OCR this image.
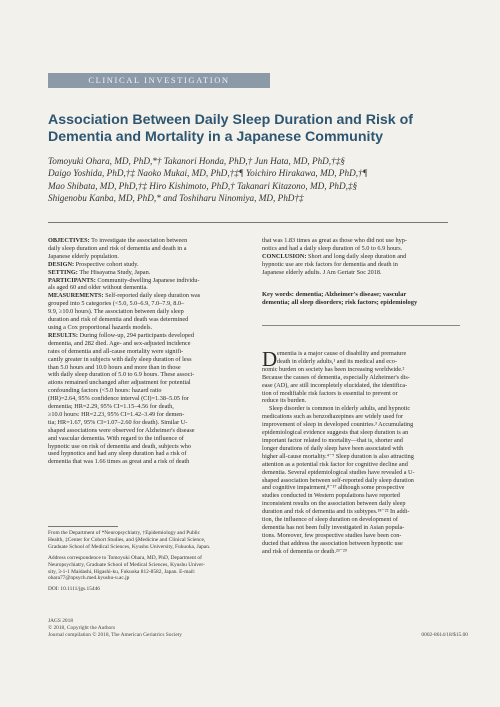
CLINICAL INVESTIGATION
Association Between Daily Sleep Duration and Risk of
Dementia and Mortality in a Japanese Community
Tomoyuki Ohara, MD, PhD,*† Takanori Honda, PhD,† Jun Hata, MD, PhD,†‡§
Daigo Yoshida, PhD,†‡ Naoko Mukai, MD, PhD,†‡¶ Yoichiro Hirakawa, MD, PhD,†¶
Mao Shibata, MD, PhD,†‡ Hiro Kishimoto, PhD,† Takanari Kitazono, MD, PhD,‡§
Shigenobu Kanba, MD, PhD,* and Toshiharu Ninomiya, MD, PhD†‡
OBJECTIVES: To investigate the association between
daily sleep duration and risk of dementia and death in a
Japanese elderly population.
DESIGN: Prospective cohort study.
SETTING: The Hisayama Study, Japan.
PARTICIPANTS: Community-dwelling Japanese individu-
als aged 60 and older without dementia.
MEASUREMENTS: Self-reported daily sleep duration was
grouped into 5 categories (<5.0, 5.0–6.9, 7.0–7.9, 8.0–
9.9, ≥10.0 hours). The association between daily sleep
duration and risk of dementia and death was determined
using a Cox proportional hazards models.
RESULTS: During follow-up, 294 participants developed
dementia, and 282 died. Age- and sex-adjusted incidence
rates of dementia and all-cause mortality were signifi-
cantly greater in subjects with daily sleep duration of less
than 5.0 hours and 10.0 hours and more than in those
with daily sleep duration of 5.0 to 6.9 hours. These associ-
ations remained unchanged after adjustment for potential
confounding factors (<5.0 hours: hazard ratio
(HR)=2.64, 95% confidence interval (CI)=1.38–5.05 for
dementia; HR=2.29, 95% CI=1.15–4.56 for death,
≥10.0 hours: HR=2.23, 95% CI=1.42–3.49 for demen-
tia; HR=1.67, 95% CI=1.07–2.60 for death). Similar U-
shaped associations were observed for Alzheimer's disease
and vascular dementia. With regard to the influence of
hypnotic use on risk of dementia and death, subjects who
used hypnotics and had any sleep duration had a risk of
dementia that was 1.66 times as great and a risk of death
that was 1.83 times as great as those who did not use hyp-
notics and had a daily sleep duration of 5.0 to 6.9 hours.
CONCLUSION: Short and long daily sleep duration and
hypnotic use are risk factors for dementia and death in
Japanese elderly adults. J Am Geriatr Soc 2018.
Key words: dementia; Alzheimer's disease; vascular
dementia; all sleep disorders; risk factors; epidemiology
D ementia is a major cause of disability and premature
death in elderly adults,¹ and its medical and eco-
nomic burden on society has been increasing worldwide.²
Because the causes of dementia, especially Alzheimer's dis-
ease (AD), are still incompletely elucidated, the identifica-
tion of modifiable risk factors is essential to prevent or
reduce its burden.
Sleep disorder is common in elderly adults, and hypnotic
medications such as benzodiazepines are widely used for
improvement of sleep in developed countries.³ Accumulating
epidemiological evidence suggests that sleep duration is an
important factor related to mortality—that is, shorter and
longer durations of daily sleep have been associated with
higher all-cause mortality.⁴⁻⁷ Sleep duration is also attracting
attention as a potential risk factor for cognitive decline and
dementia. Several epidemiological studies have revealed a U-
shaped association between self-reported daily sleep duration
and cognitive impairment,⁸⁻¹⁷ although some prospective
studies conducted in Western populations have reported
inconsistent results on the association between daily sleep
duration and risk of dementia and its subtypes.¹⁸⁻²² In addi-
tion, the influence of sleep duration on development of
dementia has not been fully investigated in Asian popula-
tions. Moreover, few prospective studies have been con-
ducted that address the association between hypnotic use
and risk of dementia or death.²³⁻²⁹
From the Department of *Neuropsychiatry, †Epidemiology and Public
Health, ‡Center for Cohort Studies, and §Medicine and Clinical Science,
Graduate School of Medical Sciences, Kyushu University, Fukuoka, Japan.
Address correspondence to Tomoyuki Ohara, MD, PhD, Department of
Neuropsychiatry, Graduate School of Medical Sciences, Kyushu Univer-
sity, 3-1-1 Maidashi, Higashi-ku, Fukuoka 812-8582, Japan. E-mail:
ohara77@npsych.med.kyushu-u.ac.jp
DOI: 10.1111/jgs.15446
JAGS 2018
© 2018, Copyright the Authors
Journal compilation © 2018, The American Geriatrics Society	0002-8614/18/$15.00
